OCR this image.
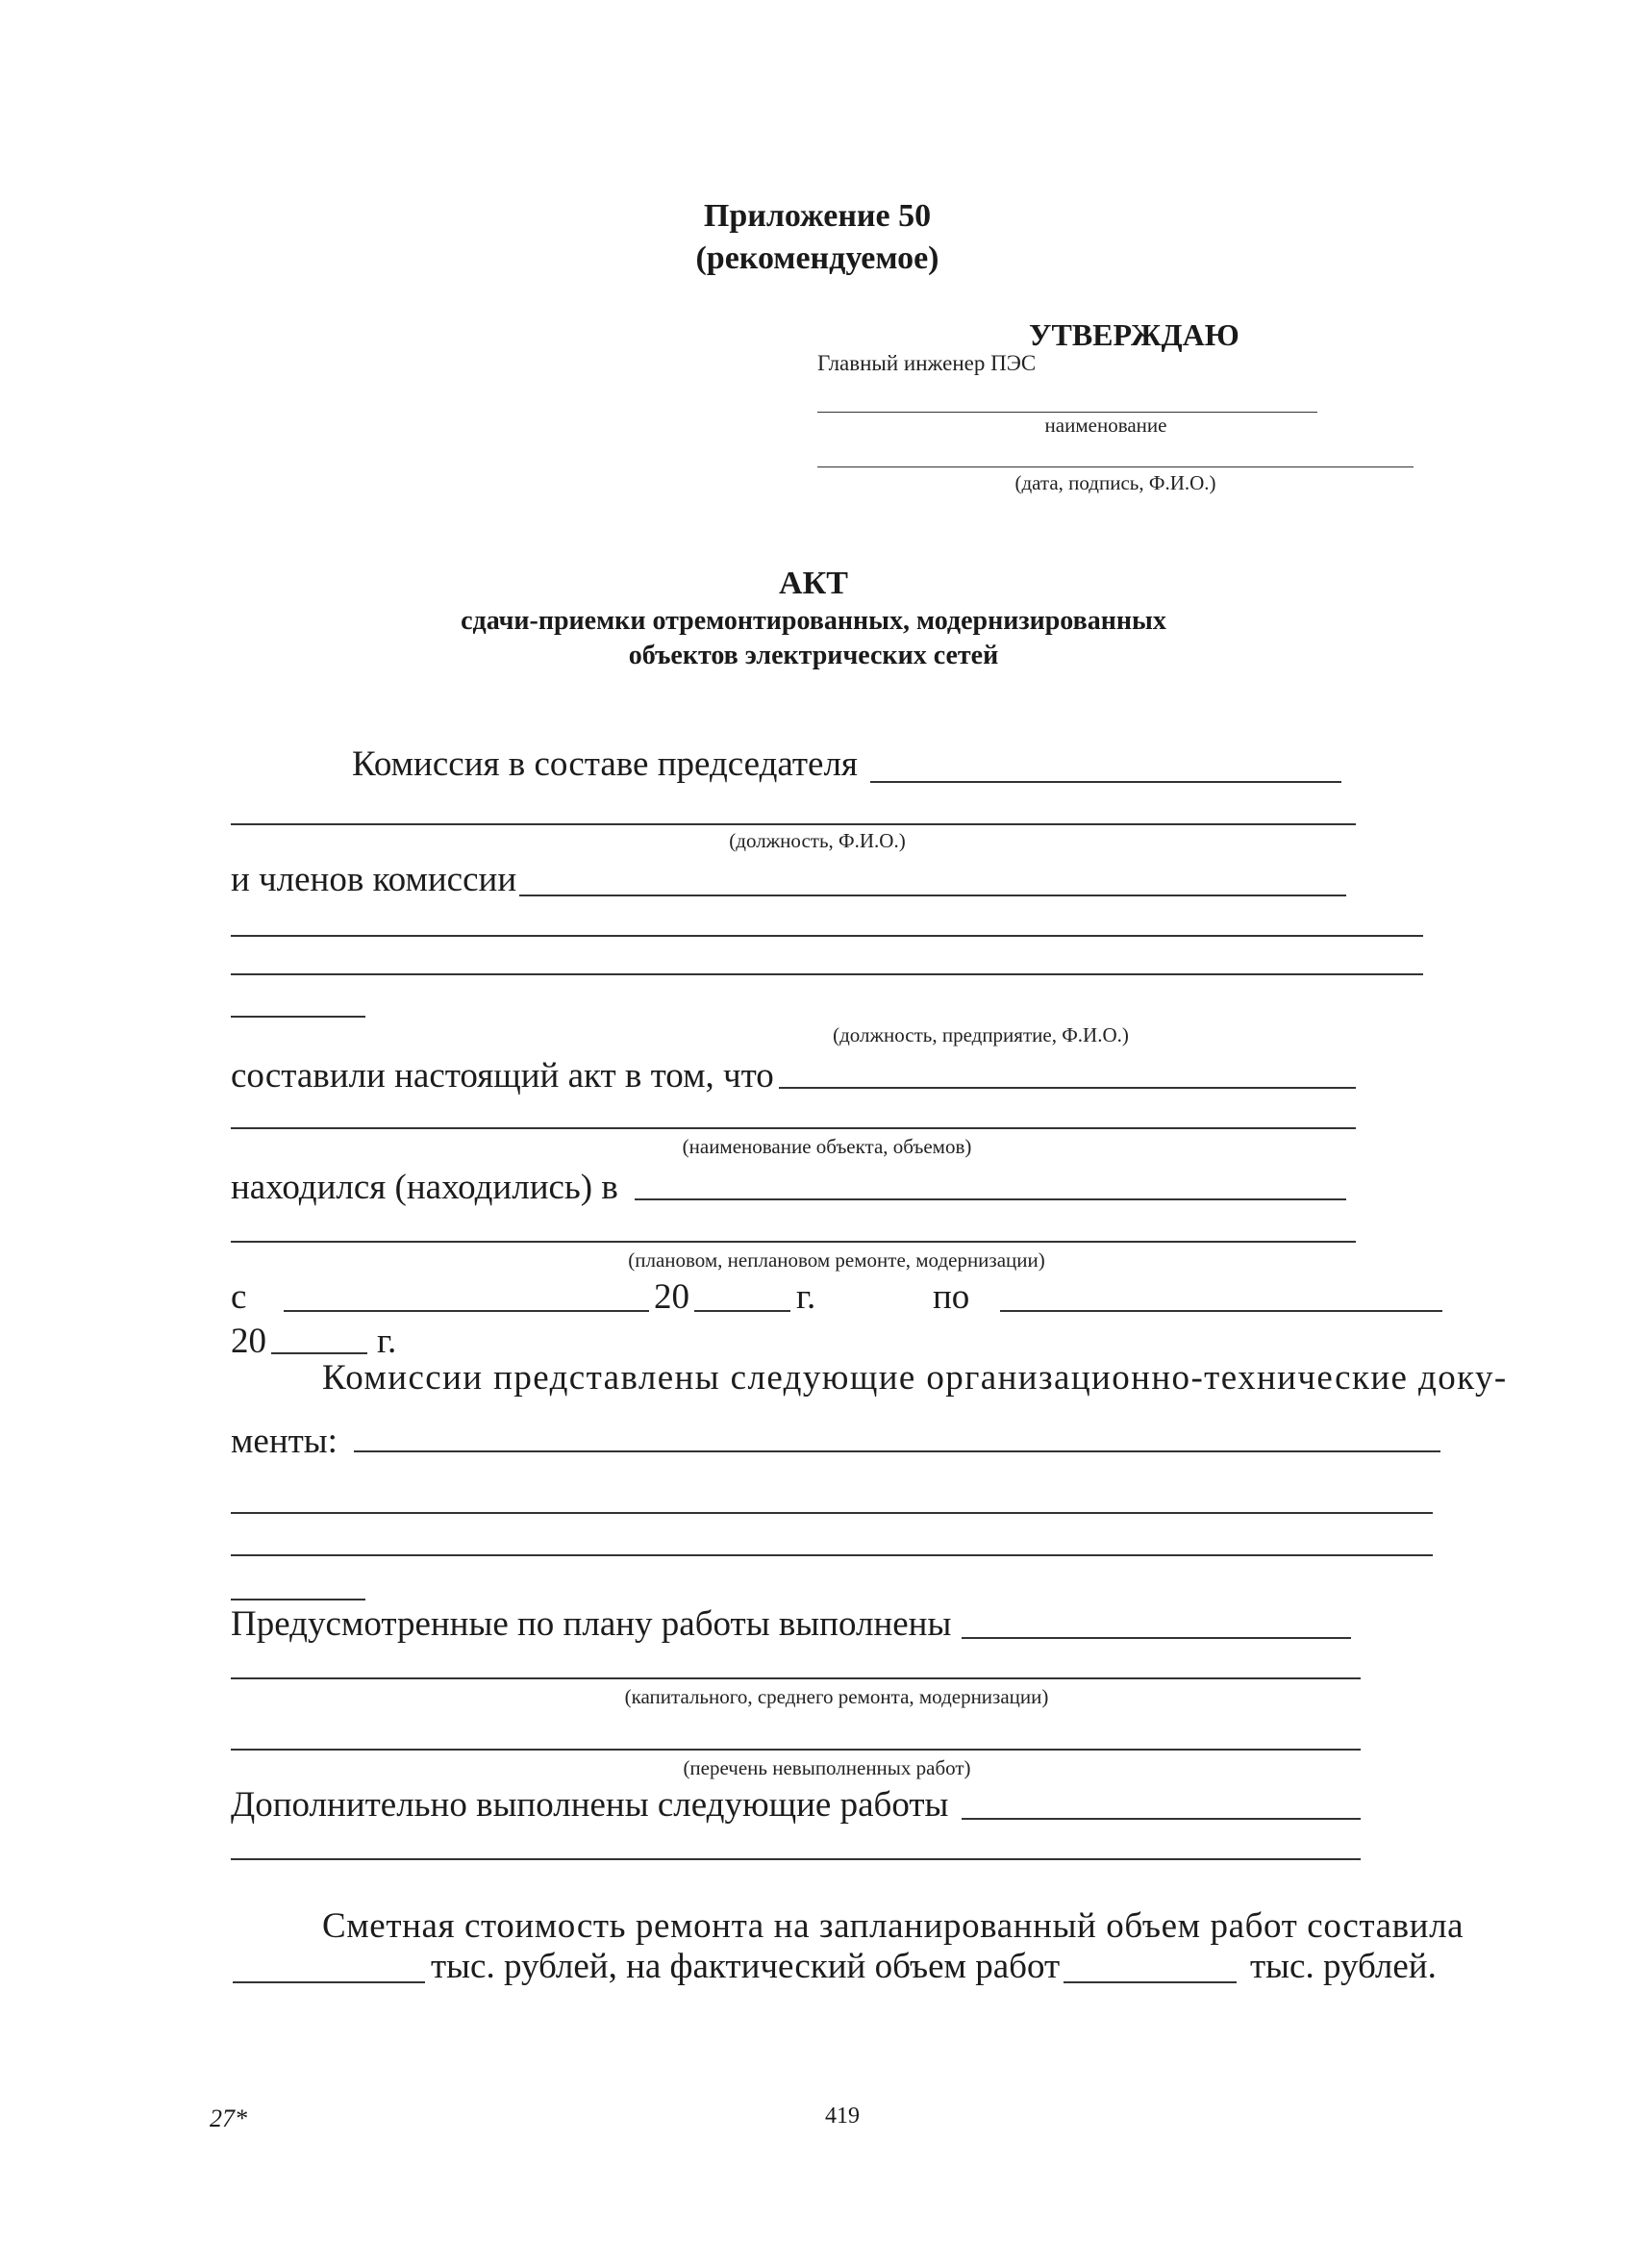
Приложение 50
(рекомендуемое)
УТВЕРЖДАЮ
Главный инженер ПЭС
наименование
(дата, подпись, Ф.И.О.)
АКТ
сдачи-приемки отремонтированных, модернизированных
объектов электрических сетей
Комиссия в составе председателя
(должность, Ф.И.О.)
и членов комиссии
(должность, предприятие, Ф.И.О.)
составили настоящий акт в том, что
(наименование объекта, объемов)
находился (находились) в
(плановом, неплановом ремонте, модернизации)
с	20	г.	по
20	г.
Комиссии представлены следующие организационно-технические доку-
менты:
Предусмотренные по плану работы выполнены
(капитального, среднего ремонта, модернизации)
(перечень невыполненных работ)
Дополнительно выполнены следующие работы
Сметная стоимость ремонта на запланированный объем работ составила
тыс. рублей, на фактический объем работ	тыс. рублей.
27*	419
